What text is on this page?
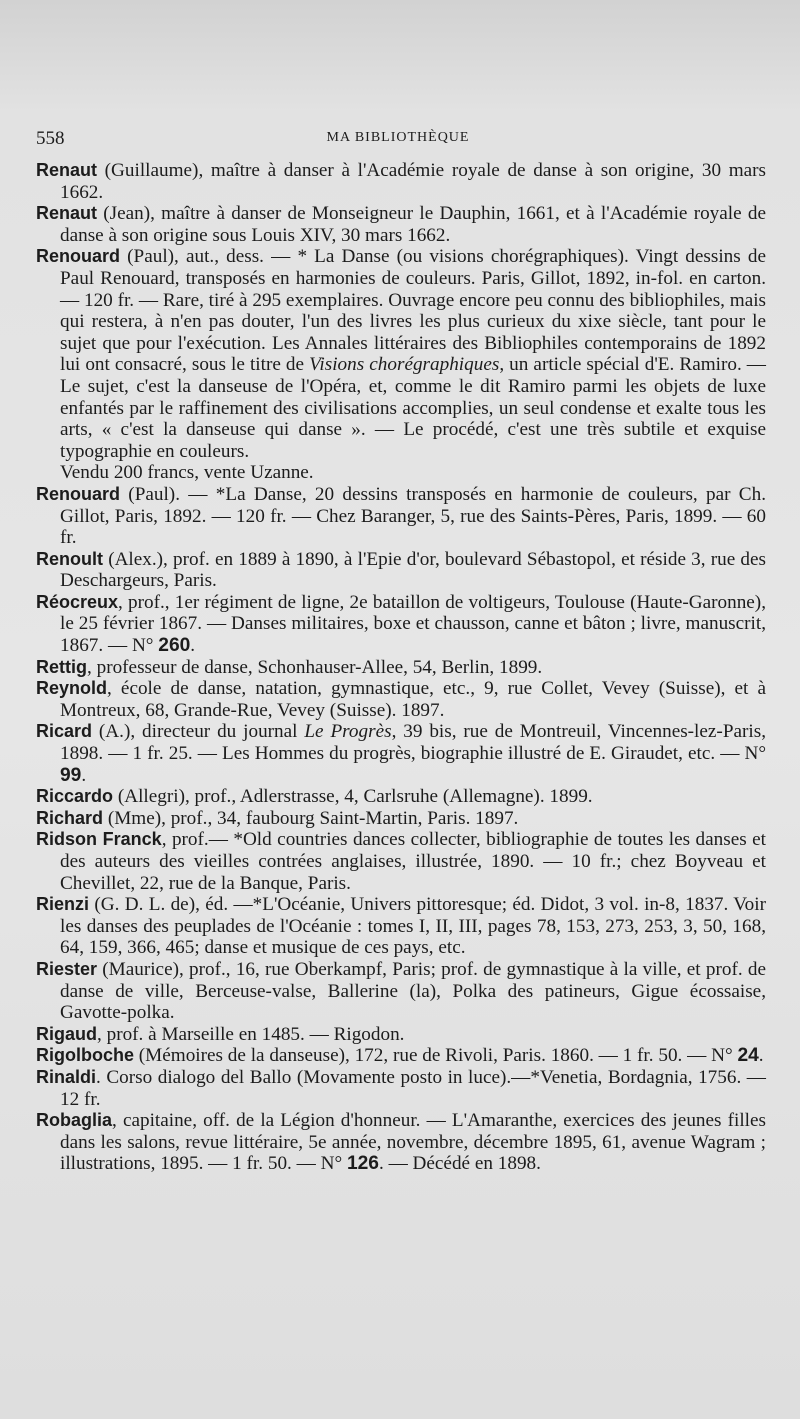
558	MA BIBLIOTHÈQUE

Renaut (Guillaume), maître à danser à l'Académie royale de danse à son origine, 30 mars 1662.

Renaut (Jean), maître à danser de Monseigneur le Dauphin, 1661, et à l'Académie royale de danse à son origine sous Louis XIV, 30 mars 1662.

Renouard (Paul), aut., dess. — * La Danse (ou visions chorégraphiques). Vingt dessins de Paul Renouard, transposés en harmonies de couleurs. Paris, Gillot, 1892, in-fol. en carton. — 120 fr. — Rare, tiré à 295 exemplaires. Ouvrage encore peu connu des bibliophiles, mais qui restera, à n'en pas douter, l'un des livres les plus curieux du xixe siècle, tant pour le sujet que pour l'exécution. Les Annales littéraires des Bibliophiles contemporains de 1892 lui ont consacré, sous le titre de Visions chorégraphiques, un article spécial d'E. Ramiro. — Le sujet, c'est la danseuse de l'Opéra, et, comme le dit Ramiro parmi les objets de luxe enfantés par le raffinement des civilisations accomplies, un seul condense et exalte tous les arts, « c'est la danseuse qui danse ». — Le procédé, c'est une très subtile et exquise typographie en couleurs.

Vendu 200 francs, vente Uzanne.

Renouard (Paul). — *La Danse, 20 dessins transposés en harmonie de couleurs, par Ch. Gillot, Paris, 1892. — 120 fr. — Chez Baranger, 5, rue des Saints-Pères, Paris, 1899. — 60 fr.

Renoult (Alex.), prof. en 1889 à 1890, à l'Epie d'or, boulevard Sébastopol, et réside 3, rue des Deschargeurs, Paris.

Réocreux, prof., 1er régiment de ligne, 2e bataillon de voltigeurs, Toulouse (Haute-Garonne), le 25 février 1867. — Danses militaires, boxe et chausson, canne et bâton ; livre, manuscrit, 1867. — N° 260.

Rettig, professeur de danse, Schonhauser-Allee, 54, Berlin, 1899.

Reynold, école de danse, natation, gymnastique, etc., 9, rue Collet, Vevey (Suisse), et à Montreux, 68, Grande-Rue, Vevey (Suisse). 1897.

Ricard (A.), directeur du journal Le Progrès, 39 bis, rue de Montreuil, Vincennes-lez-Paris, 1898. — 1 fr. 25. — Les Hommes du progrès, biographie illustré de E. Giraudet, etc. — N° 99.

Riccardo (Allegri), prof., Adlerstrasse, 4, Carlsruhe (Allemagne). 1899.

Richard (Mme), prof., 34, faubourg Saint-Martin, Paris. 1897.

Ridson Franck, prof.— *Old countries dances collecter, bibliographie de toutes les danses et des auteurs des vieilles contrées anglaises, illustrée, 1890. — 10 fr.; chez Boyveau et Chevillet, 22, rue de la Banque, Paris.

Rienzi (G. D. L. de), éd. —*L'Océanie, Univers pittoresque; éd. Didot, 3 vol. in-8, 1837. Voir les danses des peuplades de l'Océanie : tomes I, II, III, pages 78, 153, 273, 253, 3, 50, 168, 64, 159, 366, 465; danse et musique de ces pays, etc.

Riester (Maurice), prof., 16, rue Oberkampf, Paris; prof. de gymnastique à la ville, et prof. de danse de ville, Berceuse-valse, Ballerine (la), Polka des patineurs, Gigue écossaise, Gavotte-polka.

Rigaud, prof. à Marseille en 1485. — Rigodon.

Rigolboche (Mémoires de la danseuse), 172, rue de Rivoli, Paris. 1860. — 1 fr. 50. — N° 24.

Rinaldi. Corso dialogo del Ballo (Movamente posto in luce).—*Venetia, Bordagnia, 1756. — 12 fr.

Robaglia, capitaine, off. de la Légion d'honneur. — L'Amaranthe, exercices des jeunes filles dans les salons, revue littéraire, 5e année, novembre, décembre 1895, 61, avenue Wagram ; illustrations, 1895. — 1 fr. 50. — N° 126. — Décédé en 1898.
